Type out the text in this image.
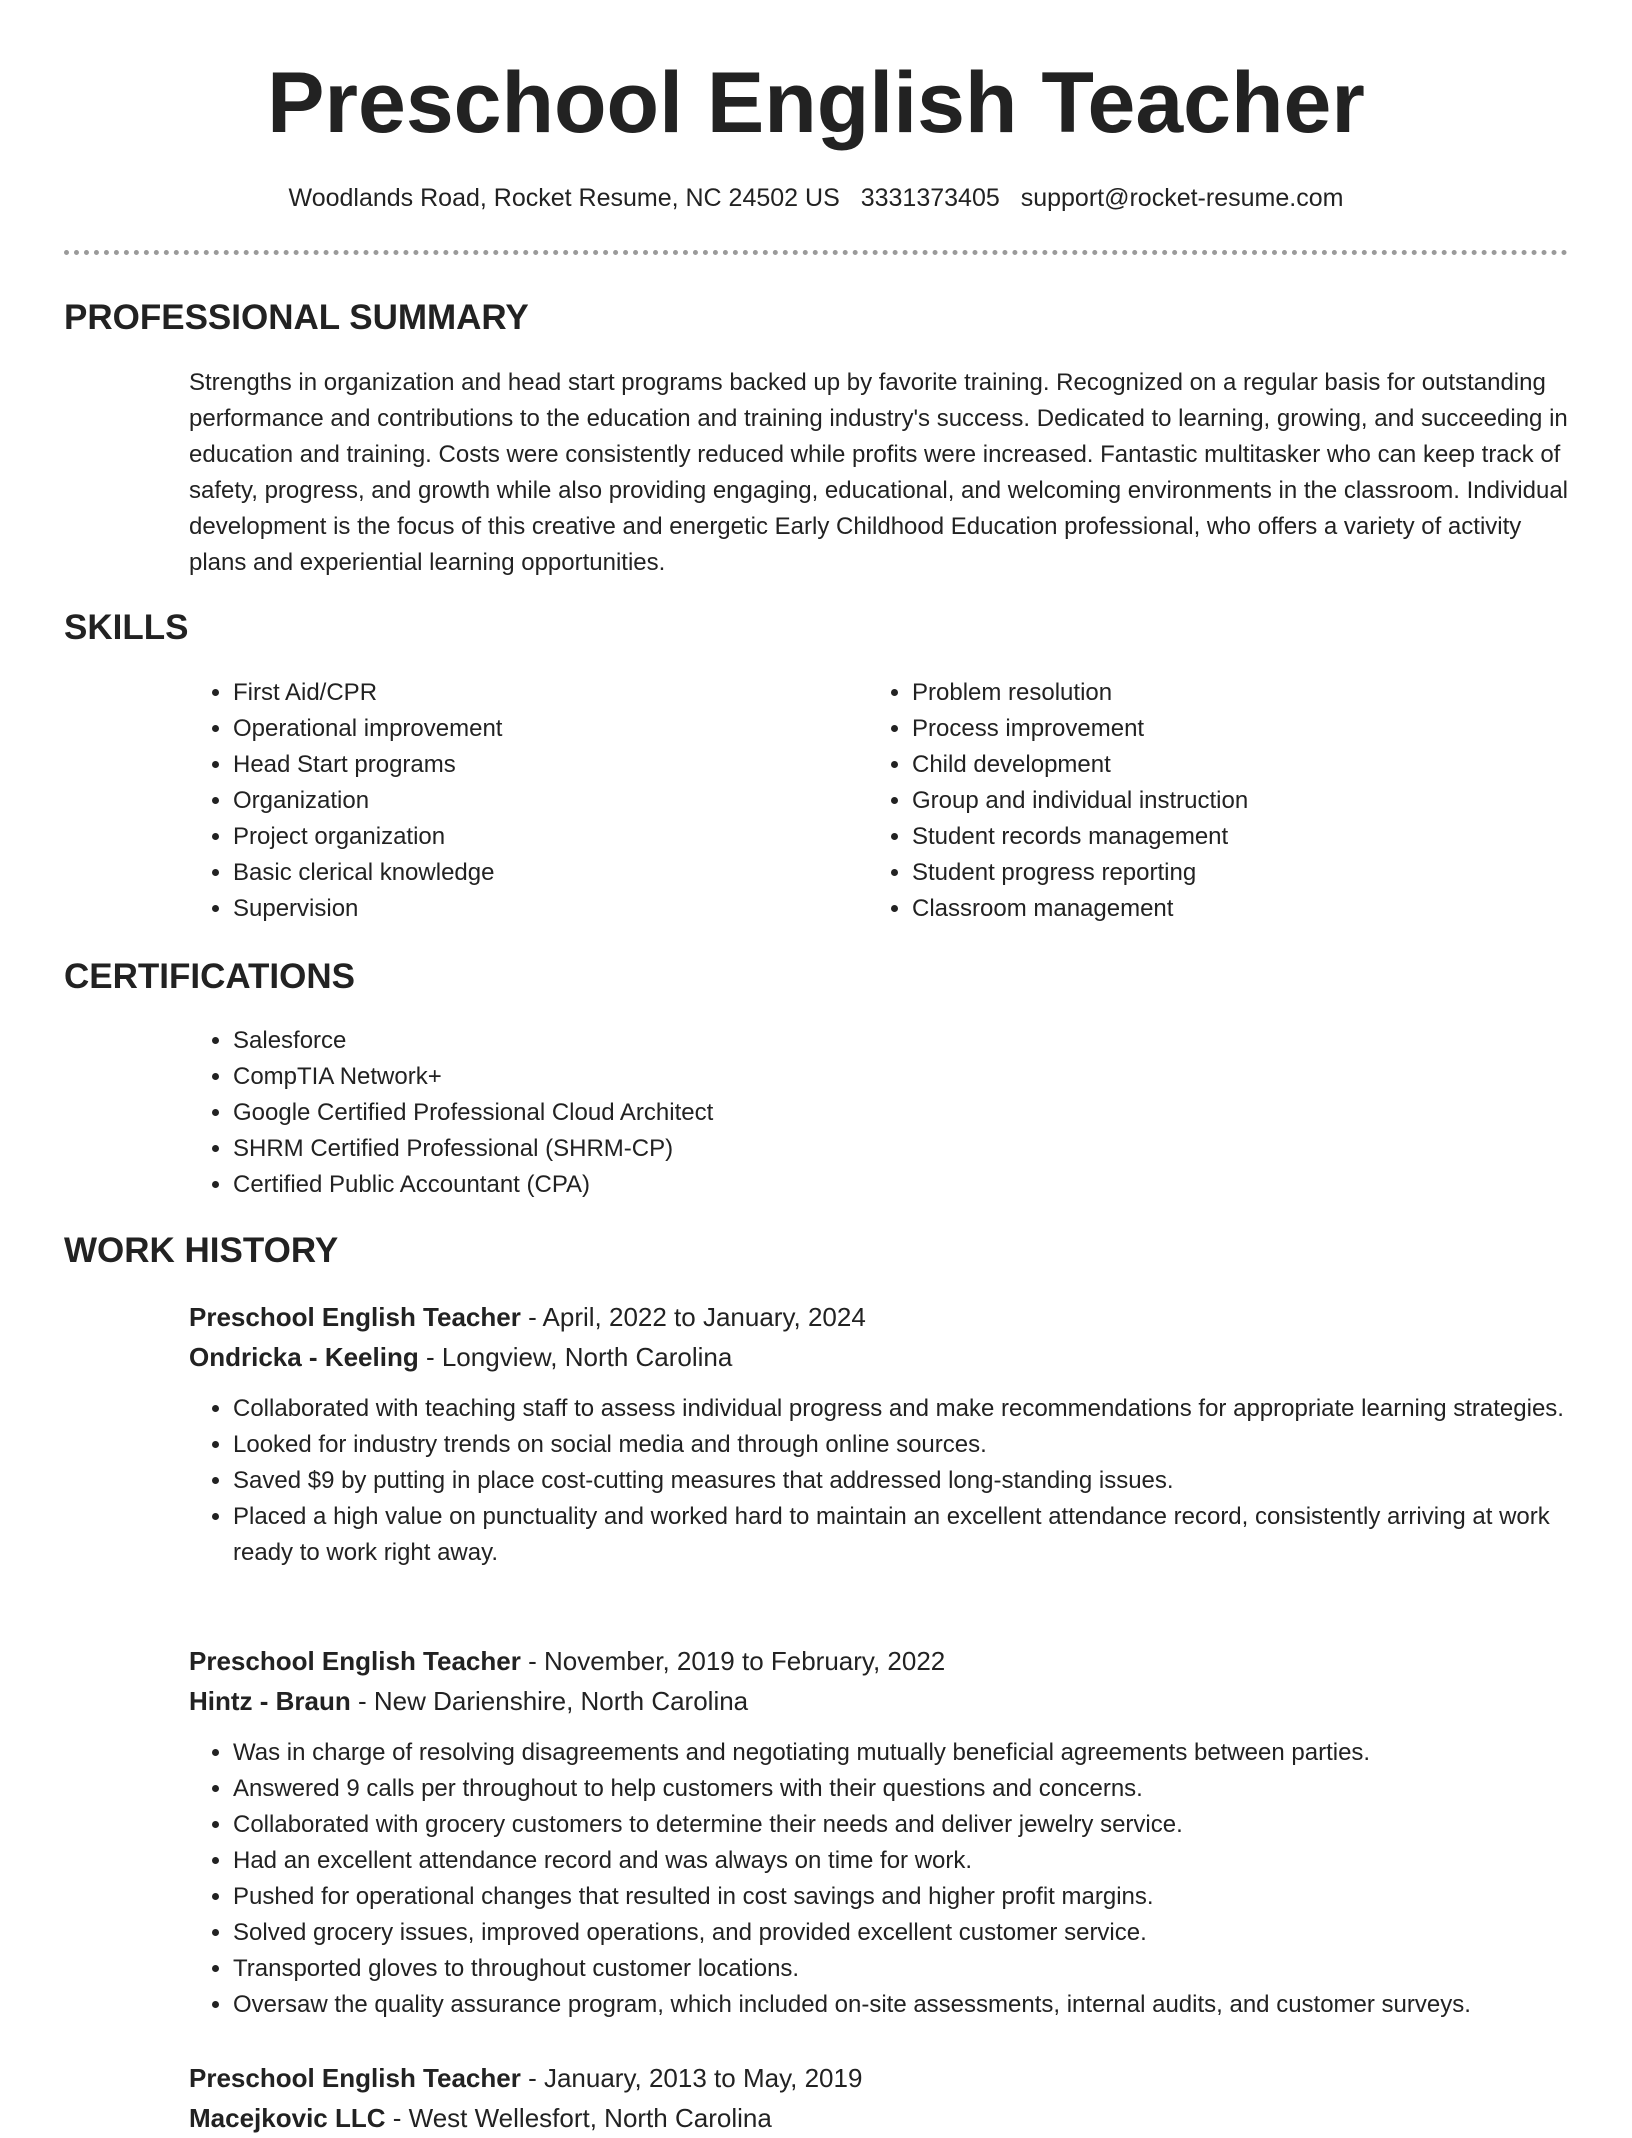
Preschool English Teacher
Woodlands Road, Rocket Resume, NC 24502 US 3331373405 support@rocket-resume.com
PROFESSIONAL SUMMARY

Strengths in organization and head start programs backed up by favorite training. Recognized on a regular basis for outstanding performance and contributions to the education and training industry's success. Dedicated to learning, growing, and succeeding in education and training. Costs were consistently reduced while profits were increased. Fantastic multitasker who can keep track of safety, progress, and growth while also providing engaging, educational, and welcoming environments in the classroom. Individual development is the focus of this creative and energetic Early Childhood Education professional, who offers a variety of activity plans and experiential learning opportunities.

SKILLS
• First Aid/CPR
• Operational improvement
• Head Start programs
• Organization
• Project organization
• Basic clerical knowledge
• Supervision
• Problem resolution
• Process improvement
• Child development
• Group and individual instruction
• Student records management
• Student progress reporting
• Classroom management
CERTIFICATIONS
• Salesforce
• CompTIA Network+
• Google Certified Professional Cloud Architect
• SHRM Certified Professional (SHRM-CP)
• Certified Public Accountant (CPA)
WORK HISTORY
Preschool English Teacher - April, 2022 to January, 2024
Ondricka - Keeling - Longview, North Carolina
• Collaborated with teaching staff to assess individual progress and make recommendations for appropriate learning strategies.
• Looked for industry trends on social media and through online sources.
• Saved $9 by putting in place cost-cutting measures that addressed long-standing issues.
• Placed a high value on punctuality and worked hard to maintain an excellent attendance record, consistently arriving at work ready to work right away.
Preschool English Teacher - November, 2019 to February, 2022
Hintz - Braun - New Darienshire, North Carolina
• Was in charge of resolving disagreements and negotiating mutually beneficial agreements between parties.
• Answered 9 calls per throughout to help customers with their questions and concerns.
• Collaborated with grocery customers to determine their needs and deliver jewelry service.
• Had an excellent attendance record and was always on time for work.
• Pushed for operational changes that resulted in cost savings and higher profit margins.
• Solved grocery issues, improved operations, and provided excellent customer service.
• Transported gloves to throughout customer locations.
• Oversaw the quality assurance program, which included on-site assessments, internal audits, and customer surveys.
Preschool English Teacher - January, 2013 to May, 2019
Macejkovic LLC - West Wellesfort, North Carolina
